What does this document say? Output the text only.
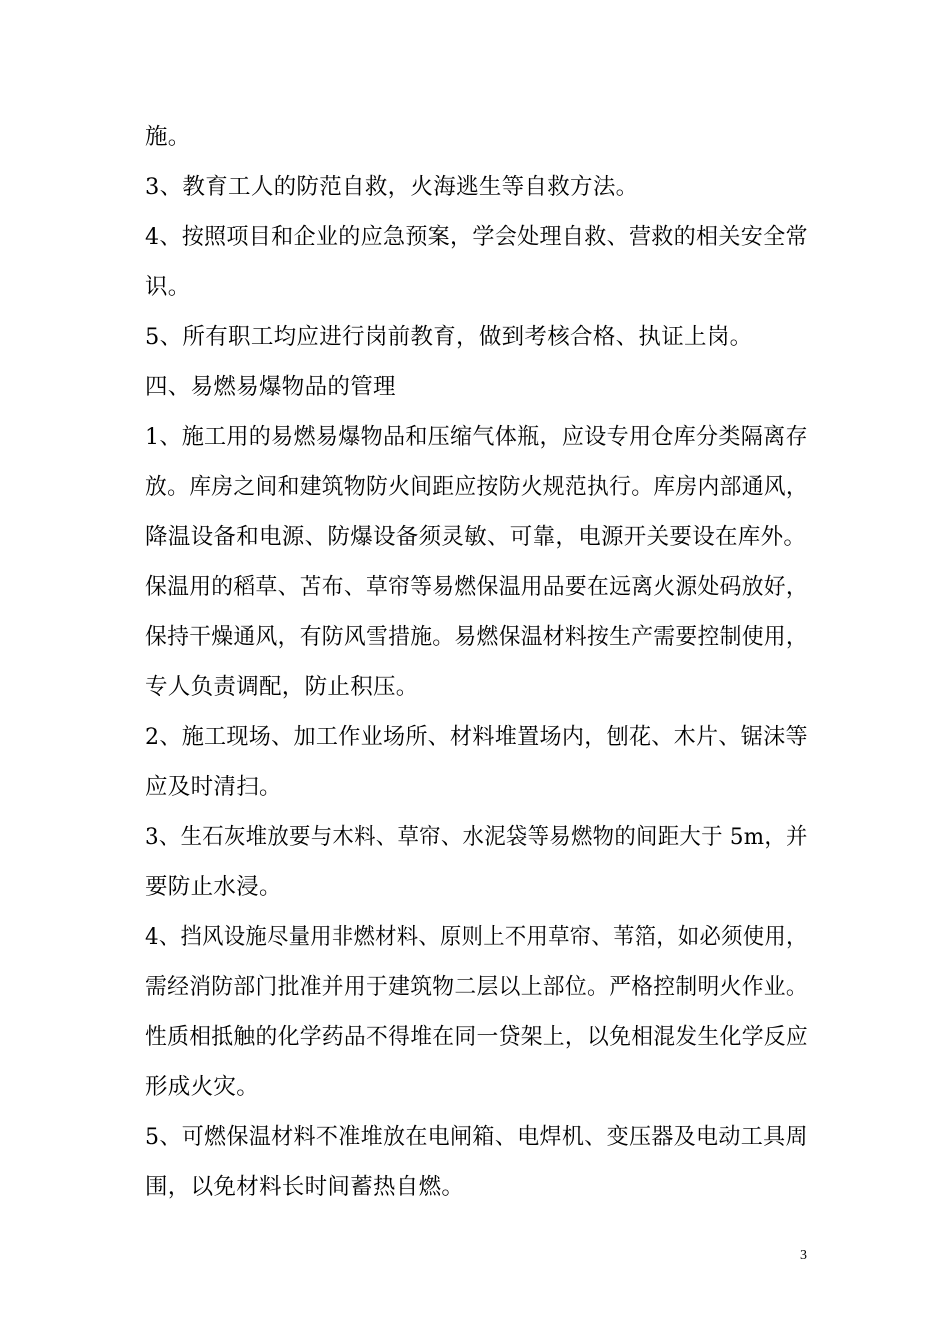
施。
3、教育工人的防范自救，火海逃生等自救方法。
4、按照项目和企业的应急预案，学会处理自救、营救的相关安全常
识。
5、所有职工均应进行岗前教育，做到考核合格、执证上岗。
四、易燃易爆物品的管理
1、施工用的易燃易爆物品和压缩气体瓶，应设专用仓库分类隔离存
放。库房之间和建筑物防火间距应按防火规范执行。库房内部通风，
降温设备和电源、防爆设备须灵敏、可靠，电源开关要设在库外。
保温用的稻草、苫布、草帘等易燃保温用品要在远离火源处码放好，
保持干燥通风，有防风雪措施。易燃保温材料按生产需要控制使用，
专人负责调配，防止积压。
2、施工现场、加工作业场所、材料堆置场内，刨花、木片、锯沫等
应及时清扫。
3、生石灰堆放要与木料、草帘、水泥袋等易燃物的间距大于 5m，并
要防止水浸。
4、挡风设施尽量用非燃材料、原则上不用草帘、苇箔，如必须使用，
需经消防部门批准并用于建筑物二层以上部位。严格控制明火作业。
性质相抵触的化学药品不得堆在同一贷架上，以免相混发生化学反应
形成火灾。
5、可燃保温材料不准堆放在电闸箱、电焊机、变压器及电动工具周
围，以免材料长时间蓄热自燃。
3
